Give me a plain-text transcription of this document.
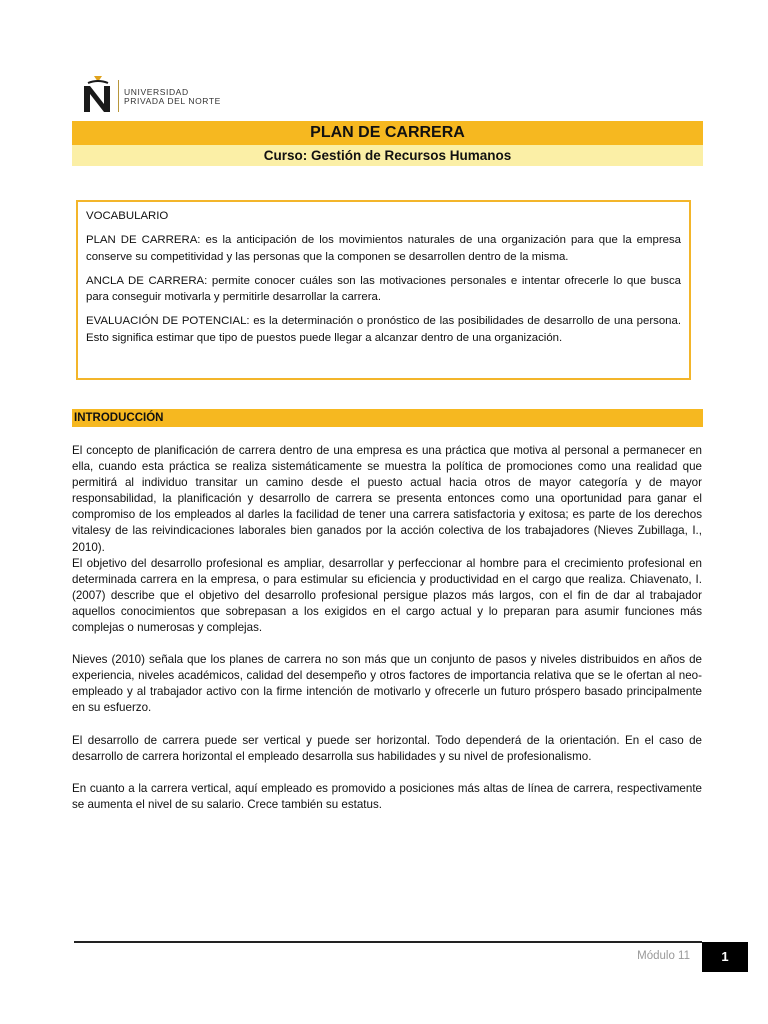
UNIVERSIDAD
PRIVADA DEL NORTE
PLAN DE CARRERA
Curso: Gestión de Recursos Humanos

VOCABULARIO

PLAN DE CARRERA: es la anticipación de los movimientos naturales de una organización para que la empresa conserve su competitividad y las personas que la componen se desarrollen dentro de la misma.

ANCLA DE CARRERA: permite conocer cuáles son las motivaciones personales e intentar ofrecerle lo que busca para conseguir motivarla y permitirle desarrollar la carrera.

EVALUACIÓN DE POTENCIAL: es la determinación o pronóstico de las posibilidades de desarrollo de una persona. Esto significa estimar que tipo de puestos puede llegar a alcanzar dentro de una organización.

INTRODUCCIÓN

El concepto de planificación de carrera dentro de una empresa es una práctica que motiva al personal a permanecer en ella, cuando esta práctica se realiza sistemáticamente se muestra la política de promociones como una realidad que permitirá al individuo transitar un camino desde el puesto actual hacia otros de mayor categoría y de mayor responsabilidad, la planificación y desarrollo de carrera se presenta entonces como una oportunidad para ganar el compromiso de los empleados al darles la facilidad de tener una carrera satisfactoria y exitosa; es parte de los derechos vitalesy de las reivindicaciones laborales bien ganados por la acción colectiva de los trabajadores (Nieves Zubillaga, I., 2010).

El objetivo del desarrollo profesional es ampliar, desarrollar y perfeccionar al hombre para el crecimiento profesional en determinada carrera en la empresa, o para estimular su eficiencia y productividad en el cargo que realiza. Chiavenato, I. (2007) describe que el objetivo del desarrollo profesional persigue plazos más largos, con el fin de dar al trabajador aquellos conocimientos que sobrepasan a los exigidos en el cargo actual y lo preparan para asumir funciones más complejas o numerosas y complejas.

Nieves (2010) señala que los planes de carrera no son más que un conjunto de pasos y niveles distribuidos en años de experiencia, niveles académicos, calidad del desempeño y otros factores de importancia relativa que se le ofertan al neo-empleado y al trabajador activo con la firme intención de motivarlo y ofrecerle un futuro próspero basado principalmente en su esfuerzo.

El desarrollo de carrera puede ser vertical y puede ser horizontal. Todo dependerá de la orientación. En el caso de desarrollo de carrera horizontal el empleado desarrolla sus habilidades y su nivel de profesionalismo.

En cuanto a la carrera vertical, aquí empleado es promovido a posiciones más altas de línea de carrera, respectivamente se aumenta el nivel de su salario. Crece también su estatus.

Módulo 11	1
